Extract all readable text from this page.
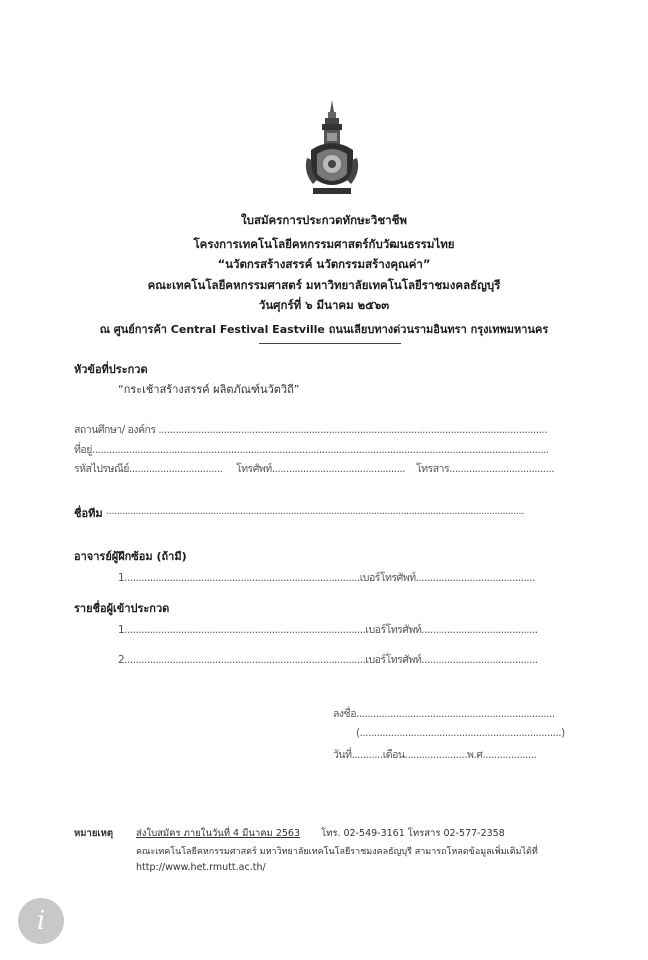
ใบสมัครการประกวดทักษะวิชาชีพ
โครงการเทคโนโลยีคหกรรมศาสตร์กับวัฒนธรรมไทย
“นวัตกรสร้างสรรค์ นวัตกรรมสร้างคุณค่า”
คณะเทคโนโลยีคหกรรมศาสตร์ มหาวิทยาลัยเทคโนโลยีราชมงคลธัญบุรี
วันศุกร์ที่ ๖ มีนาคม ๒๕๖๓
ณ ศูนย์การค้า Central Festival Eastville ถนนเลียบทางด่วนรามอินทรา กรุงเทพมหานคร
หัวข้อที่ประกวด
“กระเช้าสร้างสรรค์ ผลิตภัณฑ์นวัตวิถี”
สถานศึกษา/ องค์กร .........................................................................................................................................
ที่อยู่.................................................................................................................................................................
รหัสไปรษณีย์................................. โทรศัพท์............................................... โทรสาร.....................................
ชื่อทีม ............................................................................................................................................................
อาจารย์ผู้ฝึกซ้อม (ถ้ามี)
1...................................................................................เบอร์โทรศัพท์..........................................
รายชื่อผู้เข้าประกวด
1.....................................................................................เบอร์โทรศัพท์.........................................
2.....................................................................................เบอร์โทรศัพท์.........................................
ลงชื่อ......................................................................
(.......................................................................)
วันที่...........เดือน......................พ.ศ...................
หมายเหตุ ส่งใบสมัคร ภายในวันที่ 4 มีนาคม 2563 โทร. 02-549-3161 โทรสาร 02-577-2358
คณะเทคโนโลยีคหกรรมศาสตร์ มหาวิทยาลัยเทคโนโลยีราชมงคลธัญบุรี สามารถโหลดข้อมูลเพิ่มเติมได้ที่
http://www.het.rmutt.ac.th/
i
